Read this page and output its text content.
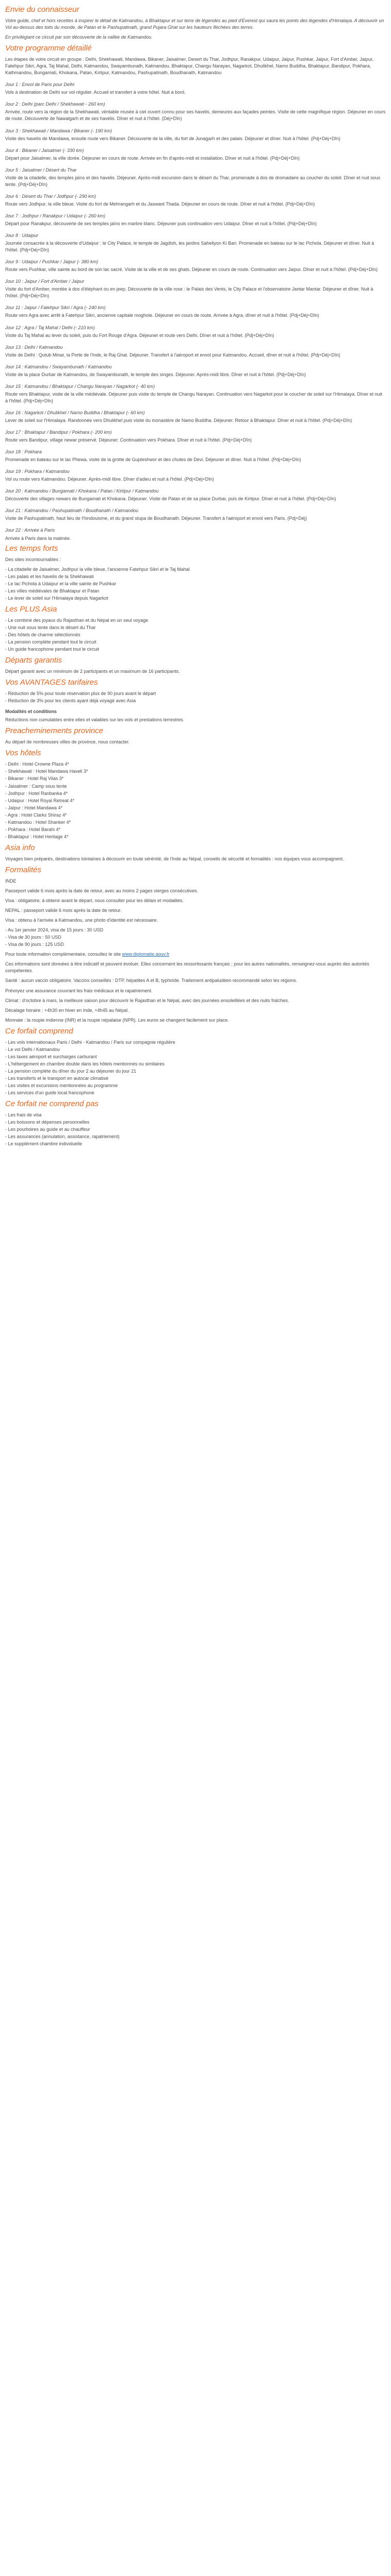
Envie du connaisseur

Votre guide, chef et hors recettes à inspirer le détail de Katmandou, à Bhaktapur et sur terre de légendes au pied d'Everest qui saura les points des légendes d'Himalaya. A découvrir un Vol au-dessus des toits du monde, de Patan et le Pashupatinath, grand Pujara Ghat sur les hauteurs fléchées des terres.

En privilégiant ce circuit par son découverte de la vallée de Katmandou.

Votre programme détaillé

Les étapes de votre circuit en groupe : Delhi, Shekhawati, Mandawa, Bikaner, Jaisalmer, Desert du Thar, Jodhpur, Ranakpur, Udaipur, Jaipur, Pushkar, Jaipur, Fort d'Amber, Jaipur, Fatehpur Sikri, Agra, Taj Mahal, Delhi, Katmandou, Swayambunath, Katmandou, Bhaktapur, Changu Narayan, Nagarkot, Dhulikhel, Namo Buddha, Bhaktapur, Bandipur, Pokhara, Kathmandou, Bungamati, Khokana, Patan, Kirtipur, Katmandou, Pashupatinath, Boudhanath, Katmandou

Jour 1 : Envol de Paris pour Delhi

Vols à destination de Delhi sur vol régulier. Accueil et transfert à votre hôtel. Nuit à bord.

Jour 2 : Delhi (parc Delhi / Shekhawati - 260 km)

Arrivée, route vers la région de la Shekhawati, véritable musée à ciel ouvert connu pour ses havelis, demeures aux façades peintes. Visite de cette magnifique région. Déjeuner en cours de route. Découverte de Nawalgarh et de ses havelis. Dîner et nuit à l'hôtel. (Déj+Dîn)

Jour 3 : Shekhawati / Mandawa / Bikaner (- 190 km)

Visite des havelis de Mandawa, ensuite route vers Bikaner. Découverte de la ville, du fort de Junagarh et des palais. Déjeuner et dîner. Nuit à l'hôtel. (Pdj+Déj+Dîn)

Jour 4 : Bikaner / Jaisalmer (- 330 km)

Départ pour Jaisalmer, la ville dorée. Déjeuner en cours de route. Arrivée en fin d'après-midi et installation. Dîner et nuit à l'hôtel. (Pdj+Déj+Dîn)

Jour 5 : Jaisalmer / Désert du Thar

Visite de la citadelle, des temples jaïns et des havelis. Déjeuner. Après-midi excursion dans le désert du Thar, promenade à dos de dromadaire au coucher du soleil. Dîner et nuit sous tente. (Pdj+Déj+Dîn)

Jour 6 : Désert du Thar / Jodhpur (- 290 km)

Route vers Jodhpur, la ville bleue. Visite du fort de Mehrangarh et du Jaswant Thada. Déjeuner en cours de route. Dîner et nuit à l'hôtel. (Pdj+Déj+Dîn)

Jour 7 : Jodhpur / Ranakpur / Udaipur (- 260 km)

Départ pour Ranakpur, découverte de ses temples jaïns en marbre blanc. Déjeuner puis continuation vers Udaipur. Dîner et nuit à l'hôtel. (Pdj+Déj+Dîn)

Jour 8 : Udaipur

Journée consacrée à la découverte d'Udaipur : le City Palace, le temple de Jagdish, les jardins Saheliyon Ki Bari. Promenade en bateau sur le lac Pichola. Déjeuner et dîner. Nuit à l'hôtel. (Pdj+Déj+Dîn)

Jour 9 : Udaipur / Pushkar / Jaipur (- 380 km)

Route vers Pushkar, ville sainte au bord de son lac sacré. Visite de la ville et de ses ghats. Déjeuner en cours de route. Continuation vers Jaipur. Dîner et nuit à l'hôtel. (Pdj+Déj+Dîn)

Jour 10 : Jaipur / Fort d'Amber / Jaipur

Visite du fort d'Amber, montée à dos d'éléphant ou en jeep. Découverte de la ville rose : le Palais des Vents, le City Palace et l'observatoire Jantar Mantar. Déjeuner et dîner. Nuit à l'hôtel. (Pdj+Déj+Dîn)

Jour 11 : Jaipur / Fatehpur Sikri / Agra (- 240 km)

Route vers Agra avec arrêt à Fatehpur Sikri, ancienne capitale moghole. Déjeuner en cours de route. Arrivée à Agra, dîner et nuit à l'hôtel. (Pdj+Déj+Dîn)

Jour 12 : Agra / Taj Mahal / Delhi (- 210 km)

Visite du Taj Mahal au lever du soleil, puis du Fort Rouge d'Agra. Déjeuner et route vers Delhi. Dîner et nuit à l'hôtel. (Pdj+Déj+Dîn)

Jour 13 : Delhi / Katmandou

Visite de Delhi : Qutub Minar, la Porte de l'Inde, le Raj Ghat. Déjeuner. Transfert à l'aéroport et envol pour Katmandou. Accueil, dîner et nuit à l'hôtel. (Pdj+Déj+Dîn)

Jour 14 : Katmandou / Swayambunath / Katmandou

Visite de la place Durbar de Katmandou, de Swayambunath, le temple des singes. Déjeuner. Après-midi libre. Dîner et nuit à l'hôtel. (Pdj+Déj+Dîn)

Jour 15 : Katmandou / Bhaktapur / Changu Narayan / Nagarkot (- 40 km)

Route vers Bhaktapur, visite de la ville médiévale. Déjeuner puis visite du temple de Changu Narayan. Continuation vers Nagarkot pour le coucher de soleil sur l'Himalaya. Dîner et nuit à l'hôtel. (Pdj+Déj+Dîn)

Jour 16 : Nagarkot / Dhulikhel / Namo Buddha / Bhaktapur (- 60 km)

Lever de soleil sur l'Himalaya. Randonnée vers Dhulikhel puis visite du monastère de Namo Buddha. Déjeuner. Retour à Bhaktapur. Dîner et nuit à l'hôtel. (Pdj+Déj+Dîn)

Jour 17 : Bhaktapur / Bandipur / Pokhara (- 200 km)

Route vers Bandipur, village newar préservé. Déjeuner. Continuation vers Pokhara. Dîner et nuit à l'hôtel. (Pdj+Déj+Dîn)

Jour 18 : Pokhara

Promenade en bateau sur le lac Phewa, visite de la grotte de Gupteshwor et des chutes de Devi. Déjeuner et dîner. Nuit à l'hôtel. (Pdj+Déj+Dîn)

Jour 19 : Pokhara / Katmandou

Vol ou route vers Katmandou. Déjeuner. Après-midi libre. Dîner d'adieu et nuit à l'hôtel. (Pdj+Déj+Dîn)

Jour 20 : Katmandou / Bungamati / Khokana / Patan / Kirtipur / Katmandou

Découverte des villages newars de Bungamati et Khokana. Déjeuner. Visite de Patan et de sa place Durbar, puis de Kirtipur. Dîner et nuit à l'hôtel. (Pdj+Déj+Dîn)

Jour 21 : Katmandou / Pashupatinath / Boudhanath / Katmandou

Visite de Pashupatinath, haut lieu de l'hindouisme, et du grand stupa de Boudhanath. Déjeuner. Transfert à l'aéroport et envol vers Paris. (Pdj+Déj)

Jour 22 : Arrivée à Paris

Arrivée à Paris dans la matinée.

Les temps forts

Des sites incontournables :

- La citadelle de Jaisalmer, Jodhpur la ville bleue, l'ancienne Fatehpur Sikri et le Taj Mahal
- Les palais et les havelis de la Shekhawati
- Le lac Pichola à Udaipur et la ville sainte de Pushkar
- Les villes médiévales de Bhaktapur et Patan
- Le lever de soleil sur l'Himalaya depuis Nagarkot
Les PLUS Asia
- Le combiné des joyaux du Rajasthan et du Népal en un seul voyage
- Une nuit sous tente dans le désert du Thar
- Des hôtels de charme sélectionnés
- La pension complète pendant tout le circuit
- Un guide francophone pendant tout le circuit
Départs garantis

Départ garanti avec un minimum de 2 participants et un maximum de 16 participants.

Vos AVANTAGES tarifaires
- Réduction de 5% pour toute réservation plus de 90 jours avant le départ
- Réduction de 3% pour les clients ayant déjà voyagé avec Asia

Modalités et conditions

Réductions non cumulables entre elles et valables sur les vols et prestations terrestres.

Preacheminements province

Au départ de nombreuses villes de province, nous contacter.

Vos hôtels
- Delhi : Hotel Crowne Plaza 4*
- Shekhawati : Hotel Mandawa Haveli 3*
- Bikaner : Hotel Raj Vilas 3*
- Jaisalmer : Camp sous tente
- Jodhpur : Hotel Ranbanka 4*
- Udaipur : Hotel Royal Retreat 4*
- Jaipur : Hotel Mandawa 4*
- Agra : Hotel Clarks Shiraz 4*
- Katmandou : Hotel Shanker 4*
- Pokhara : Hotel Barahi 4*
- Bhaktapur : Hotel Heritage 4*
Asia info

Voyages bien préparés, destinations lointaines à découvrir en toute sérénité, de l'Inde au Népal, conseils de sécurité et formalités : nos équipes vous accompagnent.

Formalités

INDE

Passeport valide 6 mois après la date de retour, avec au moins 2 pages vierges consécutives.

Visa : obligatoire, à obtenir avant le départ, nous consulter pour les délais et modalités.

NEPAL : passeport valide 6 mois après la date de retour.

Visa : obtenu à l'arrivée à Katmandou, une photo d'identité est nécessaire.

- Au 1er janvier 2024, visa de 15 jours : 30 USD
- Visa de 30 jours : 50 USD
- Visa de 90 jours : 125 USD

Pour toute information complémentaire, consultez le site www.diplomatie.gouv.fr

Ces informations sont données à titre indicatif et peuvent évoluer. Elles concernent les ressortissants français ; pour les autres nationalités, renseignez-vous auprès des autorités compétentes.

Santé : aucun vaccin obligatoire. Vaccins conseillés : DTP, hépatites A et B, typhoïde. Traitement antipaludéen recommandé selon les régions.

Prévoyez une assurance couvrant les frais médicaux et le rapatriement.

Climat : d'octobre à mars, la meilleure saison pour découvrir le Rajasthan et le Népal, avec des journées ensoleillées et des nuits fraîches.

Décalage horaire : +4h30 en hiver en Inde, +4h45 au Népal.

Monnaie : la roupie indienne (INR) et la roupie népalaise (NPR). Les euros se changent facilement sur place.

Ce forfait comprend
- Les vols internationaux Paris / Delhi - Katmandou / Paris sur compagnie régulière
- Le vol Delhi / Katmandou
- Les taxes aéroport et surcharges carburant
- L'hébergement en chambre double dans les hôtels mentionnés ou similaires
- La pension complète du dîner du jour 2 au déjeuner du jour 21
- Les transferts et le transport en autocar climatisé
- Les visites et excursions mentionnées au programme
- Les services d'un guide local francophone
Ce forfait ne comprend pas
- Les frais de visa
- Les boissons et dépenses personnelles
- Les pourboires au guide et au chauffeur
- Les assurances (annulation, assistance, rapatriement)
- Le supplément chambre individuelle
